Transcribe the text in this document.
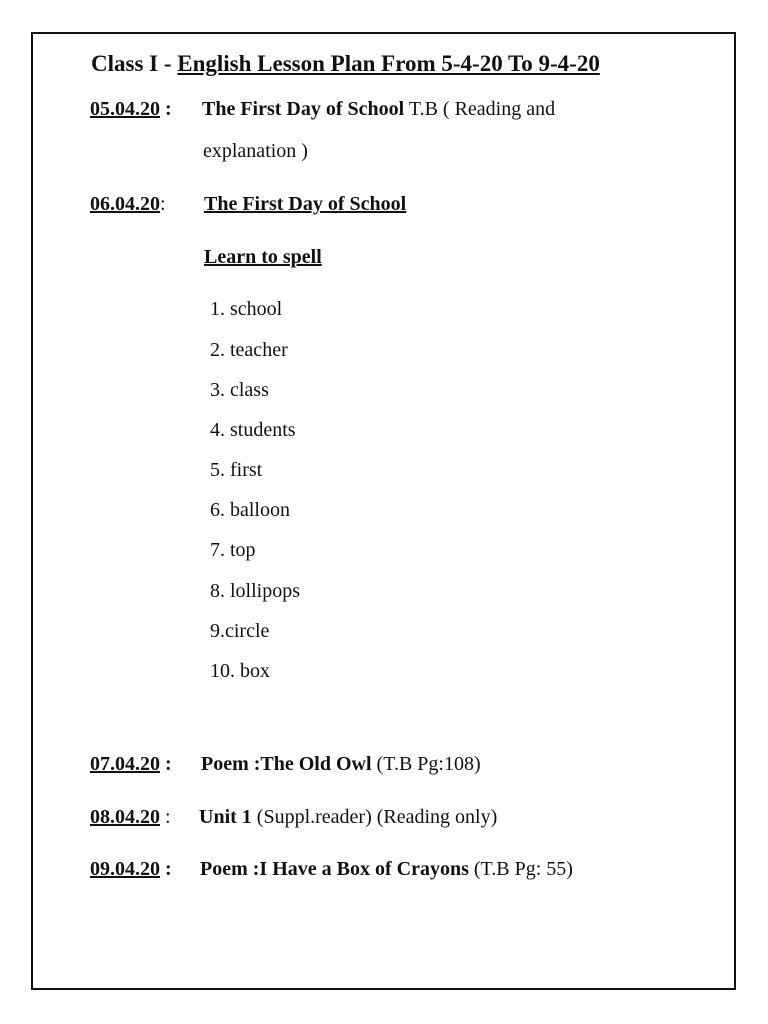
Class I - English Lesson Plan From 5-4-20 To 9-4-20
05.04.20 : The First Day of School T.B ( Reading and
explanation )
06.04.20: The First Day of School
Learn to spell
1. school
2. teacher
3. class
4. students
5. first
6. balloon
7. top
8. lollipops
9.circle
10. box
07.04.20 : Poem :The Old Owl (T.B Pg:108)
08.04.20 : Unit 1 (Suppl.reader) (Reading only)
09.04.20 : Poem :I Have a Box of Crayons (T.B Pg: 55)
